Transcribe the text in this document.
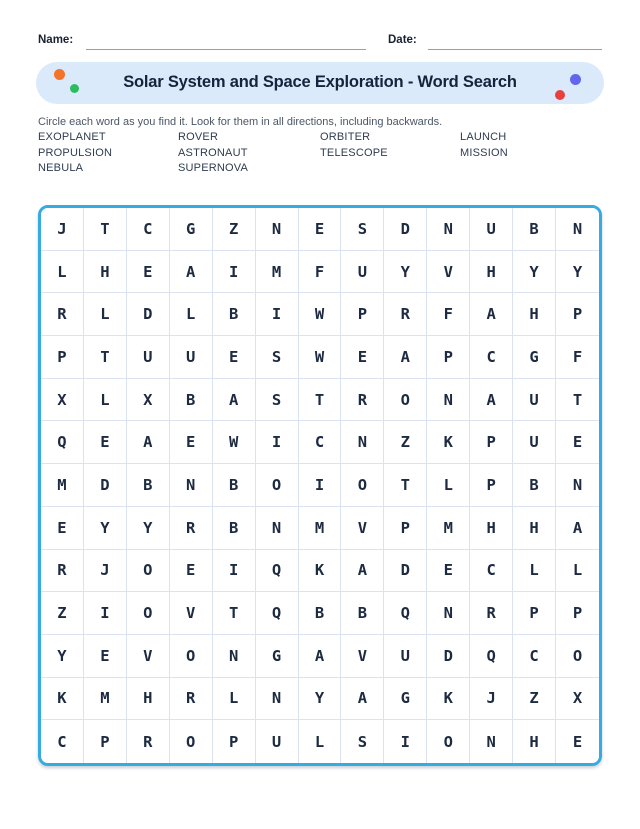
Name:	Date:
Solar System and Space Exploration - Word Search

Circle each word as you find it. Look for them in all directions, including backwards.

EXOPLANET
PROPULSION
NEBULA
ROVER
ASTRONAUT
SUPERNOVA
ORBITER
TELESCOPE
LAUNCH
MISSION
J	T	C	G	Z	N	E	S	D	N	U	B	N
L	H	E	A	I	M	F	U	Y	V	H	Y	Y
R	L	D	L	B	I	W	P	R	F	A	H	P
P	T	U	U	E	S	W	E	A	P	C	G	F
X	L	X	B	A	S	T	R	O	N	A	U	T
Q	E	A	E	W	I	C	N	Z	K	P	U	E
M	D	B	N	B	O	I	O	T	L	P	B	N
E	Y	Y	R	B	N	M	V	P	M	H	H	A
R	J	O	E	I	Q	K	A	D	E	C	L	L
Z	I	O	V	T	Q	B	B	Q	N	R	P	P
Y	E	V	O	N	G	A	V	U	D	Q	C	O
K	M	H	R	L	N	Y	A	G	K	J	Z	X
C	P	R	O	P	U	L	S	I	O	N	H	E
